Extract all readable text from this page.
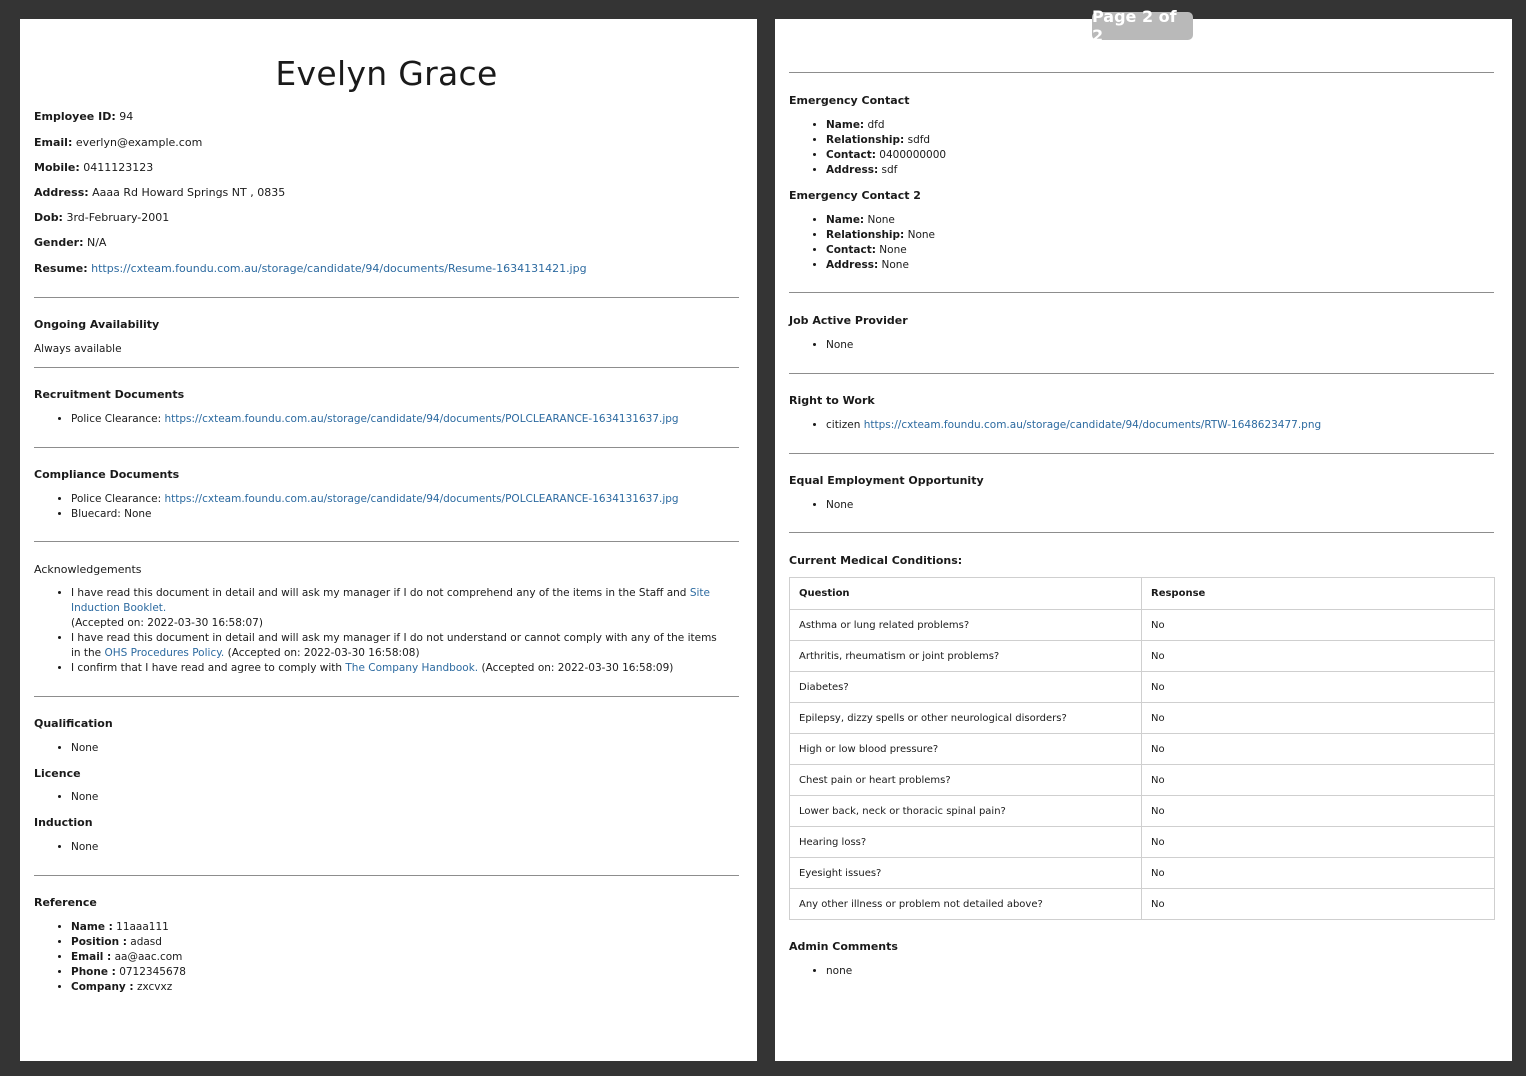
Page 2 of 2
Evelyn Grace

Employee ID: 94

Email: everlyn@example.com

Mobile: 0411123123

Address: Aaaa Rd Howard Springs NT , 0835

Dob: 3rd-February-2001

Gender: N/A

Resume: https://cxteam.foundu.com.au/storage/candidate/94/documents/Resume-1634131421.jpg

Ongoing Availability

Always available

Recruitment Documents

• Police Clearance: https://cxteam.foundu.com.au/storage/candidate/94/documents/POLCLEARANCE-1634131637.jpg

Compliance Documents

• Police Clearance: https://cxteam.foundu.com.au/storage/candidate/94/documents/POLCLEARANCE-1634131637.jpg
• Bluecard: None

Acknowledgements

• I have read this document in detail and will ask my manager if I do not comprehend any of the items in the Staff and Site Induction Booklet.
(Accepted on: 2022-03-30 16:58:07)
• I have read this document in detail and will ask my manager if I do not understand or cannot comply with any of the items in the OHS Procedures Policy. (Accepted on: 2022-03-30 16:58:08)
• I confirm that I have read and agree to comply with The Company Handbook. (Accepted on: 2022-03-30 16:58:09)

Qualification

• None

Licence

• None

Induction

• None

Reference

• Name : 11aaa111
• Position : adasd
• Email : aa@aac.com
• Phone : 0712345678
• Company : zxcvxz

Emergency Contact

• Name: dfd
• Relationship: sdfd
• Contact: 0400000000
• Address: sdf

Emergency Contact 2

• Name: None
• Relationship: None
• Contact: None
• Address: None

Job Active Provider

• None

Right to Work

• citizen https://cxteam.foundu.com.au/storage/candidate/94/documents/RTW-1648623477.png

Equal Employment Opportunity

• None

Current Medical Conditions:

Question	Response
Asthma or lung related problems?	No
Arthritis, rheumatism or joint problems?	No
Diabetes?	No
Epilepsy, dizzy spells or other neurological disorders?	No
High or low blood pressure?	No
Chest pain or heart problems?	No
Lower back, neck or thoracic spinal pain?	No
Hearing loss?	No
Eyesight issues?	No
Any other illness or problem not detailed above?	No

Admin Comments

• none
